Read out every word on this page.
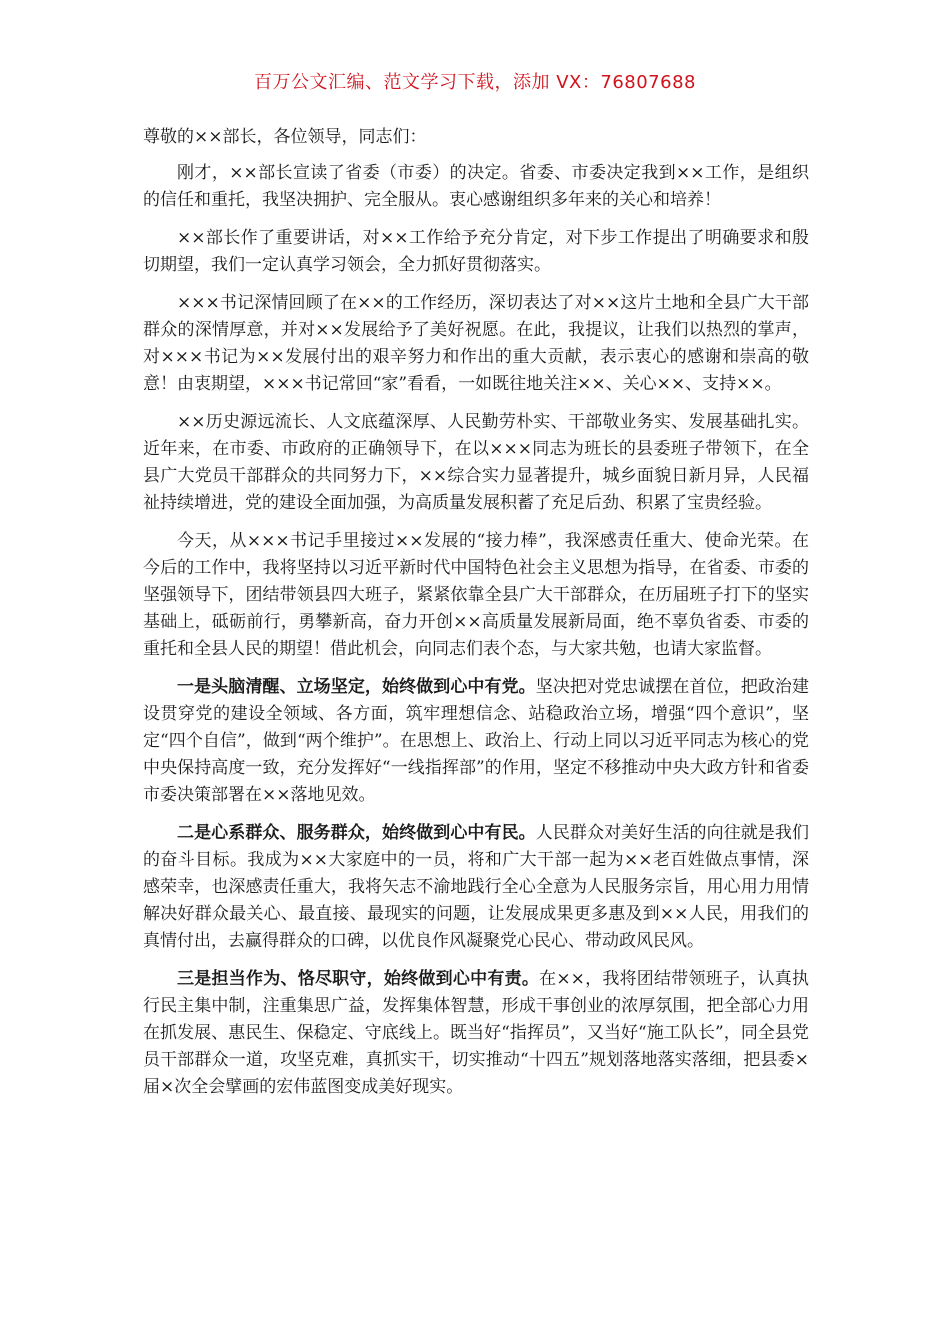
百万公文汇编、范文学习下载，添加 VX：76807688
尊敬的××部长，各位领导，同志们：

刚才，××部长宣读了省委（市委）的决定。省委、市委决定我到××工作，是组织的信任和重托，我坚决拥护、完全服从。衷心感谢组织多年来的关心和培养！

××部长作了重要讲话，对××工作给予充分肯定，对下步工作提出了明确要求和殷切期望，我们一定认真学习领会，全力抓好贯彻落实。

×××书记深情回顾了在××的工作经历，深切表达了对××这片土地和全县广大干部群众的深情厚意，并对××发展给予了美好祝愿。在此，我提议，让我们以热烈的掌声，对×××书记为××发展付出的艰辛努力和作出的重大贡献，表示衷心的感谢和崇高的敬意！由衷期望，×××书记常回“家”看看，一如既往地关注××、关心××、支持××。

××历史源远流长、人文底蕴深厚、人民勤劳朴实、干部敬业务实、发展基础扎实。近年来，在市委、市政府的正确领导下，在以×××同志为班长的县委班子带领下，在全县广大党员干部群众的共同努力下，××综合实力显著提升，城乡面貌日新月异，人民福祉持续增进，党的建设全面加强，为高质量发展积蓄了充足后劲、积累了宝贵经验。

今天，从×××书记手里接过××发展的“接力棒”，我深感责任重大、使命光荣。在今后的工作中，我将坚持以习近平新时代中国特色社会主义思想为指导，在省委、市委的坚强领导下，团结带领县四大班子，紧紧依靠全县广大干部群众，在历届班子打下的坚实基础上，砥砺前行，勇攀新高，奋力开创××高质量发展新局面，绝不辜负省委、市委的重托和全县人民的期望！借此机会，向同志们表个态，与大家共勉，也请大家监督。

一是头脑清醒、立场坚定，始终做到心中有党。坚决把对党忠诚摆在首位，把政治建设贯穿党的建设全领域、各方面，筑牢理想信念、站稳政治立场，增强“四个意识”，坚定“四个自信”，做到“两个维护”。在思想上、政治上、行动上同以习近平同志为核心的党中央保持高度一致，充分发挥好“一线指挥部”的作用，坚定不移推动中央大政方针和省委市委决策部署在××落地见效。

二是心系群众、服务群众，始终做到心中有民。人民群众对美好生活的向往就是我们的奋斗目标。我成为××大家庭中的一员，将和广大干部一起为××老百姓做点事情，深感荣幸，也深感责任重大，我将矢志不渝地践行全心全意为人民服务宗旨，用心用力用情解决好群众最关心、最直接、最现实的问题，让发展成果更多惠及到××人民，用我们的真情付出，去赢得群众的口碑，以优良作风凝聚党心民心、带动政风民风。

三是担当作为、恪尽职守，始终做到心中有责。在××，我将团结带领班子，认真执行民主集中制，注重集思广益，发挥集体智慧，形成干事创业的浓厚氛围，把全部心力用在抓发展、惠民生、保稳定、守底线上。既当好“指挥员”，又当好“施工队长”，同全县党员干部群众一道，攻坚克难，真抓实干，切实推动“十四五”规划落地落实落细，把县委×届×次全会擘画的宏伟蓝图变成美好现实。
